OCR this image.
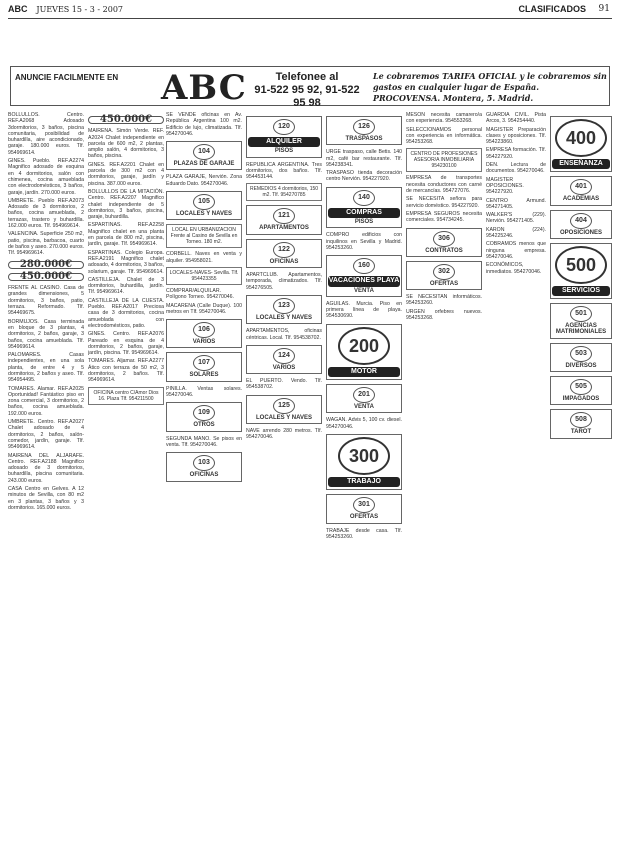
ABC JUEVES 15 - 3 - 2007	CLASIFICADOS 91
ANUNCIE FACILMENTE EN	ABC	Telefonee al
91-522 95 92, 91-522 95 98
Le cobraremos TARIFA OFICIAL y le cobraremos sin gastos en cualquier lugar de España. PROCOVENSA. Montera, 5. Madrid.

BOLLULLOS. Centro. REF.A2068 Adosado 3dormitorios, 3 baños, piscina comunitaria, posibilidad de buhardilla, aire acondicionado, garaje. 180.000 euros. Tlf. 954969614.

GINES. Pueblo. REF.A2274 Magnifico adosado de esquina en 4 dormitorios, salón con chimenea, cocina amueblada con electrodomésticos, 3 baños, garaje, jardín. 270.000 euros.

UMBRETE. Pueblo REF.A2073 Adosado de 3 dormitorios, 2 baños, cocina amueblada, 2 terrazas, trastero y buhardilla. 162.000 euros. Tlf. 954969614.

VALENCINA. Superficie 250 m2, patio, piscina, barbacoa, cuarto de baños y aseo. 270.000 euros. Tlf. 954969614.

280.000€
450.000€

FRENTE AL CASINO. Casa de grandes dimensiones, 5 dormitorios, 3 baños, patio, terraza. Reformado. Tlf. 954469675.

BORMUJOS. Casa terminada en bloque de 3 plantas, 4 dormitorios, 2 baños, garaje, 3 baños, cocina amueblada. Tlf. 954969614.

PALOMARES. Casas independientes, en una sola planta, de entre 4 y 5 dormitorios, 2 baños y aseo. Tlf. 954954495.

TOMARES. Alamar. REF.A2025 Oportunidad! Fantástico piso en zona comercial, 3 dormitorios, 2 baños, cocina amueblada. 192.000 euros.

UMBRETE. Centro. REF.A2027 Chalet adosado de 4 dormitorios, 2 baños, salón-comedor, jardín, garaje. Tlf. 954969614.

MAIRENA DEL ALJARAFE. Centro. REF.A2188 Magnifico adosado de 3 dormitorios, buhardilla, piscina comunitaria. 243.000 euros.

CASA Centro en Gelves. A 12 minutos de Sevilla, con 80 m2 en 3 plantas, 3 baños y 3 dormitorios. 165.000 euros.

450.000€

MAIRENA. Simón Verde. REF. A2024 Chalet independiente en parcela de 600 m2, 2 plantas, amplio salón, 4 dormitorios, 3 baños, piscina.

GINES. REF.A2201 Chalet en parcela de 300 m2 con 4 dormitorios, garaje, jardín y piscina. 387.000 euros.

BOLLULLOS DE LA MITACIÓN. Centro. REF.A2207 Magnifico chalet independiente de 5 dormitorios, 3 baños, piscina, garaje, buhardilla.

ESPARTINAS. REF.A2258 Magnifico chalet en una planta en parcela de 800 m2, piscina, jardín, garaje. Tlf. 954969614.

ESPARTINAS. Colegio Europa. REF.A2191 Magnifico chalet adosado, 4 dormitorios, 3 baños, solarium, garaje. Tlf. 954969614.

CASTILLEJA. Chalet de 3 dormitorios, buhardilla, jardín. Tlf. 954969614.

CASTILLEJA DE LA CUESTA. Pueblo. REF.A2017 Preciosa casa de 3 dormitorios, cocina amueblada con electrodomésticos, patio.

GINES. Centro. REF.A2076 Pareado en esquina de 4 dormitorios, 2 baños, garaje, jardín, piscina. Tlf. 954969614.

TOMARES. Aljamar. REF.A2277 Ático con terraza de 50 m2, 3 dormitorios, 2 baños. Tlf. 954969614.

OFICINA centro C/Amor Dios 16. Plaza Tlf. 954211500

SE VENDE oficinas en Av. República Argentina 100 m2. Edificio de lujo, climatizada. Tlf. 954270046.

104
PLAZAS DE GARAJE

PLAZA GARAJE, Nervión. Zona Eduardo Dato. 954270046.

105
LOCALES Y NAVES
LOCAL EN URBANIZACION Frente al Casino de Sevilla en Torneo. 180 m2.

CORBELL. Naves en venta y alquiler. 954958021.

LOCALES-NAVES- Sevilla. Tlf. 954423355

COMPRAR/ALQUILAR. Polígono Torneo. 954270046.

MACARENA (Calle Duque). 100 metros en Tlf. 954270046.

106
VARIOS
107
SOLARES

PINILLA. Ventas solares. 954270046.

109
OTROS

SEGUNDA MANO. Se pisos en venta. Tlf. 954270046.

103
OFICINAS
120
ALQUILER
PISOS

REPUBLICA ARGENTINA. Tres dormitorios, dos baños. Tlf. 954453144.

REMEDIOS 4 dormitorios, 150 m2. Tlf. 954270785
121
APARTAMENTOS
122
OFICINAS

APARTCLUB. Apartamentos, temporada, climatizados. Tlf. 954276505.

123
LOCALES Y NAVES

APARTAMENTOS, oficinas céntricas. Local. Tlf. 954538702.

124
VARIOS

EL PUERTO. Vendo. Tlf. 954538702.

125
LOCALES Y NAVES

NAVE arrendo 280 metros. Tlf. 954270046.

126
TRASPASOS

URGE traspaso, calle Betis. 140 m2, café bar restaurante. Tlf. 954238341.

TRASPASO tienda decoración centro Nervión. 954227920.

140
COMPRAS
PISOS

COMPRO edificios con inquilinos en Sevilla y Madrid. 954253260.

160
VACACIONES PLAYA
VENTA

AGUILAS. Murcia. Piso en primera línea de playa. 954530690.

200
MOTOR
201
VENTA

WAGAN. Advis 5, 100 cv. diesel. 954270046.

300
TRABAJO
301
OFERTAS

TRABAJE desde casa. Tlf. 954253260.

MESON necesita camarero/a con experiencia. 954553268.

SELECCIONAMOS personal con experiencia en informática. 954253268.

CENTRO DE PROFESIONES ASESOR/A INMOBILIARIA 954230100

EMPRESA de transportes necesita conductores con carné de mercancías. 954727076.

SE NECESITA señora para servicio doméstico. 954227920.

EMPRESA SEGUROS necesita comerciales. 954734245.

306
CONTRATOS
302
OFERTAS

SE NECESITAN informáticos. 954253260.

URGEN orfebres nuevos. 954253268.

GUARDIA CIVIL. Pista Arcos, 3. 954254440.

MAGISTER Preparación clases y oposiciones. Tlf. 954223860.

EMPRESA formación. Tlf. 954227920.

DEN. Lectura de documentos. 954270046.

MAGISTER OPOSICIONES. 954227920.

CENTRO Armund. 954271405.

WALKER'S (229). Nervión. 954271405.

KARON (224). 954225246.

COBRAMOS menos que ninguna empresa. 954270046.

ECONÓMICOS, inmediatos. 954270046.

400
ENSEÑANZA
401
ACADEMIAS
404
OPOSICIONES
500
SERVICIOS
501
AGENCIAS MATRIMONIALES
503
DIVERSOS
505
IMPAGADOS
508
TAROT
